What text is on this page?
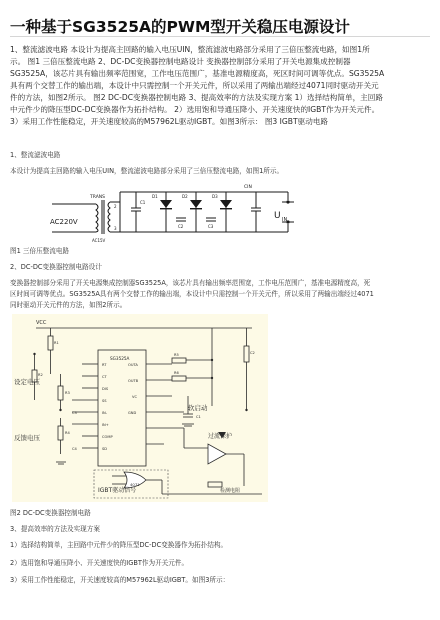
一种基于SG3525A的PWM型开关稳压电源设计
1、整流滤波电路 本设计为提高主回路的输入电压UIN，整流滤波电路部分采用了三倍压整流电路，如图1所
示。 图1 三倍压整流电路 2、DC-DC变换器控制电路设计 变换器控制部分采用了开关电源集成控制器
SG3525A，该芯片具有输出频率范围宽，工作电压范围广，基准电源精度高，死区时间可调等优点。SG3525A
具有两个交替工作的输出端，本设计中只需控制一个开关元件，所以采用了两输出端经过4071同时驱动开关元
件的方法，如图2所示。 图2 DC-DC变换器控制电路 3、提高效率的方法及实现方案 1）选择结构简单，主回路
中元件少的降压型DC-DC变换器作为拓扑结构。 2）选用饱和导通压降小、开关速度快的IGBT作为开关元件。
3）采用工作性能稳定，开关速度较高的M57962L驱动IGBT。如图3所示： 图3 IGBT驱动电路
1、整流滤波电路
本设计为提高主回路的输入电压UIN，整流滤波电路部分采用了三倍压整流电路，如图1所示。
AC220V
TRANS
2
3
AC15V
C1
C2	C3
D1	D2	D3
CIN
U IN
图1 三倍压整流电路
2、DC-DC变换器控制电路设计
变换器控制部分采用了开关电源集成控制器SG3525A，该芯片具有输出频率范围宽，工作电压范围广，基准电源精度高，死
区时间可调等优点。SG3525A具有两个交替工作的输出端，本设计中只需控制一个开关元件，所以采用了两输出端经过4071
同时驱动开关元件的方法，如图2所示。
VCC
设定电压
反馈电压
软启动
过流保护
IGBT驱动信号
SG3525A
4071
检测电阻
RT
CT
DIS
SS
IN-
IN+
COMP
SD
OUTA
OUTB
VC
GND
R1
R2
R3
R4
R5
R6
C1
C2
C3
C4
图2 DC-DC变换器控制电路
3、提高效率的方法及实现方案
1）选择结构简单，主回路中元件少的降压型DC-DC变换器作为拓扑结构。
2）选用饱和导通压降小、开关速度快的IGBT作为开关元件。
3）采用工作性能稳定，开关速度较高的M57962L驱动IGBT。如图3所示：
